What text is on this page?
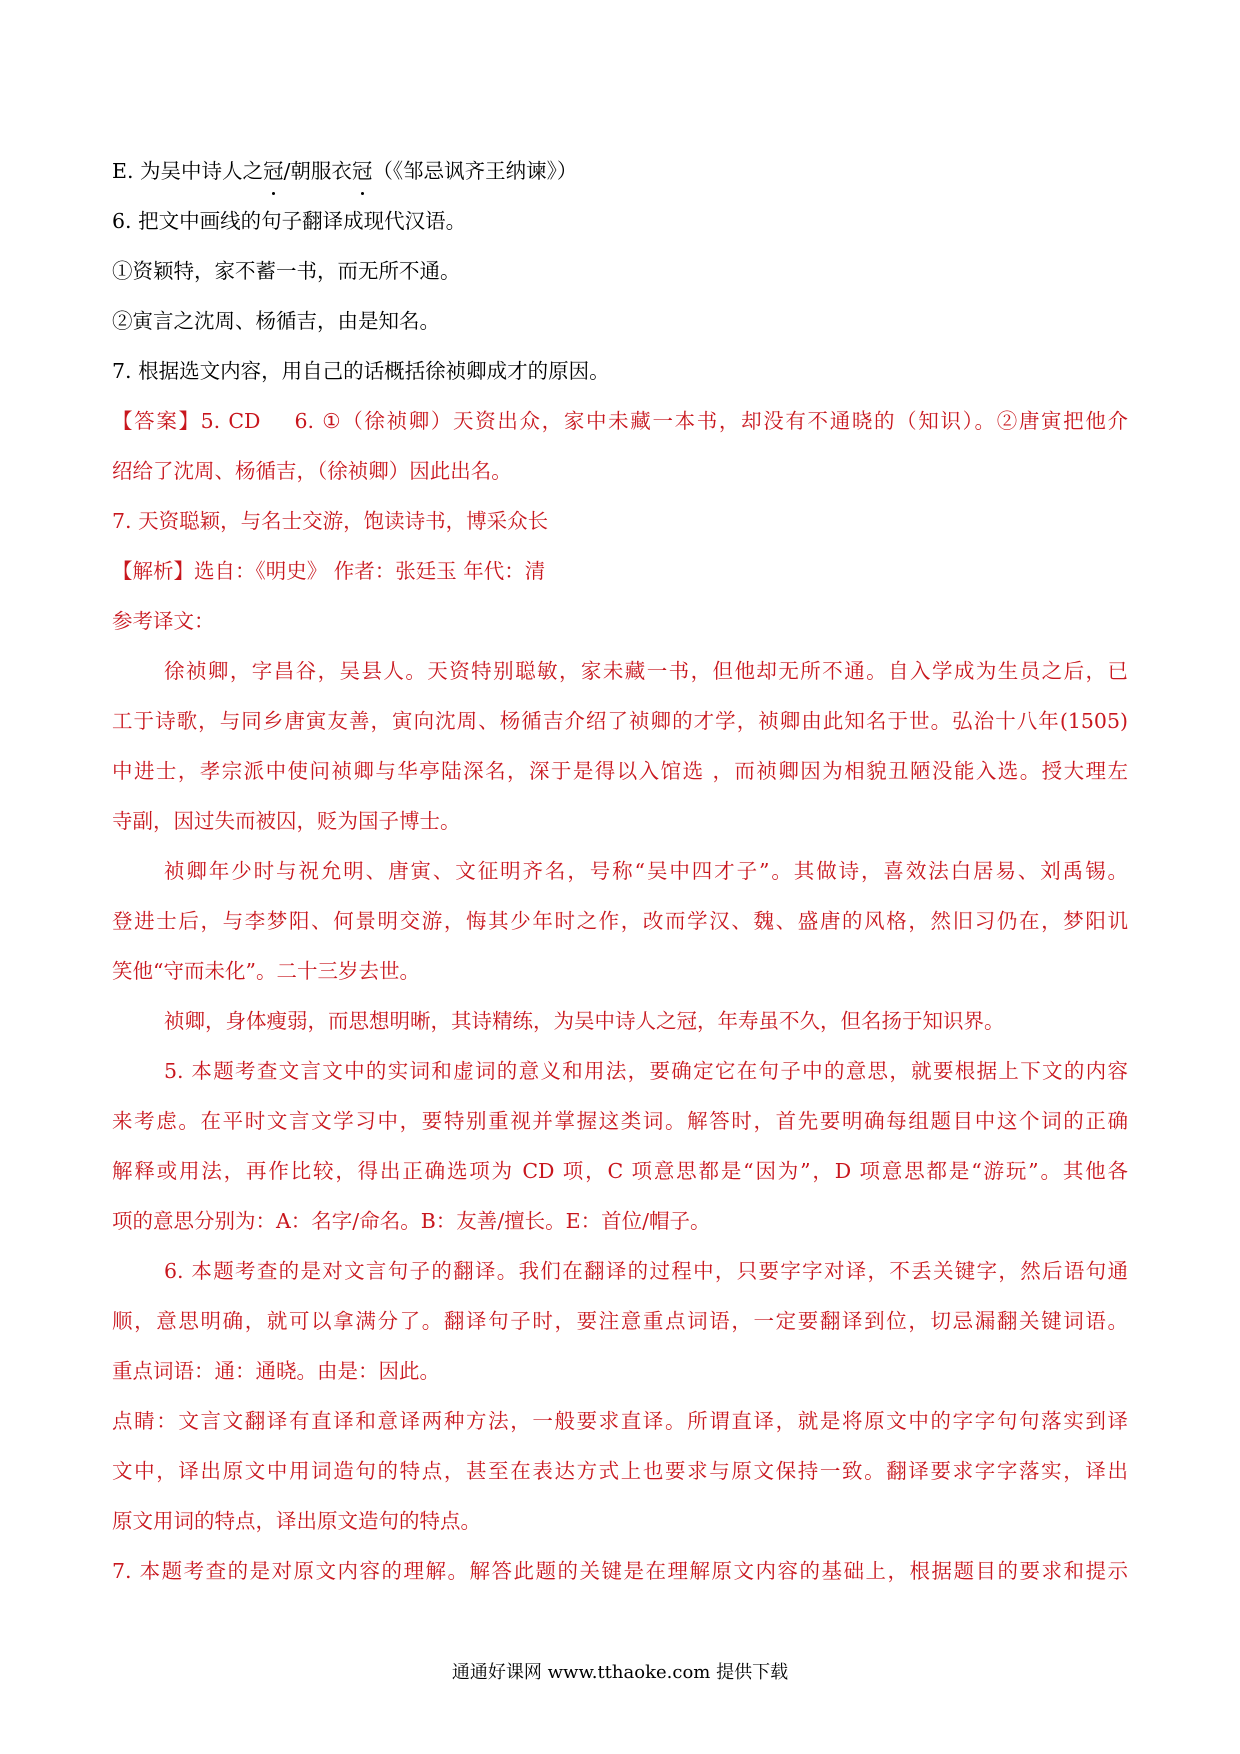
E. 为吴中诗人之冠/朝服衣冠（《邹忌讽齐王纳谏》）
6. 把文中画线的句子翻译成现代汉语。
①资颖特，家不蓄一书，而无所不通。
②寅言之沈周、杨循吉，由是知名。
7. 根据选文内容，用自己的话概括徐祯卿成才的原因。
【答案】5. CD 6. ①（徐祯卿）天资出众，家中未藏一本书，却没有不通晓的（知识）。②唐寅把他介
绍给了沈周、杨循吉，（徐祯卿）因此出名。
7. 天资聪颖，与名士交游，饱读诗书，博采众长
【解析】选自：《明史》 作者：张廷玉 年代：清
参考译文：
徐祯卿，字昌谷，吴县人。天资特别聪敏，家未藏一书，但他却无所不通。自入学成为生员之后，已
工于诗歌，与同乡唐寅友善，寅向沈周、杨循吉介绍了祯卿的才学，祯卿由此知名于世。弘治十八年(1505)
中进士，孝宗派中使问祯卿与华亭陆深名，深于是得以入馆选 ，而祯卿因为相貌丑陋没能入选。授大理左
寺副，因过失而被囚，贬为国子博士。
祯卿年少时与祝允明、唐寅、文征明齐名，号称“吴中四才子”。其做诗，喜效法白居易、刘禹锡。
登进士后，与李梦阳、何景明交游，悔其少年时之作，改而学汉、魏、盛唐的风格，然旧习仍在，梦阳讥
笑他“守而未化”。二十三岁去世。
祯卿，身体瘦弱，而思想明晰，其诗精练，为吴中诗人之冠，年寿虽不久，但名扬于知识界。
5. 本题考查文言文中的实词和虚词的意义和用法，要确定它在句子中的意思，就要根据上下文的内容
来考虑。在平时文言文学习中，要特别重视并掌握这类词。解答时，首先要明确每组题目中这个词的正确
解释或用法，再作比较，得出正确选项为 CD 项，C 项意思都是“因为”，D 项意思都是“游玩”。其他各
项的意思分别为：A：名字/命名。B：友善/擅长。E：首位/帽子。
6. 本题考查的是对文言句子的翻译。我们在翻译的过程中，只要字字对译，不丢关键字，然后语句通
顺，意思明确，就可以拿满分了。翻译句子时，要注意重点词语，一定要翻译到位，切忌漏翻关键词语。
重点词语：通：通晓。由是：因此。
点睛：文言文翻译有直译和意译两种方法，一般要求直译。所谓直译，就是将原文中的字字句句落实到译
文中，译出原文中用词造句的特点，甚至在表达方式上也要求与原文保持一致。翻译要求字字落实，译出
原文用词的特点，译出原文造句的特点。
7. 本题考查的是对原文内容的理解。解答此题的关键是在理解原文内容的基础上，根据题目的要求和提示
通通好课网 www.tthaoke.com 提供下载
